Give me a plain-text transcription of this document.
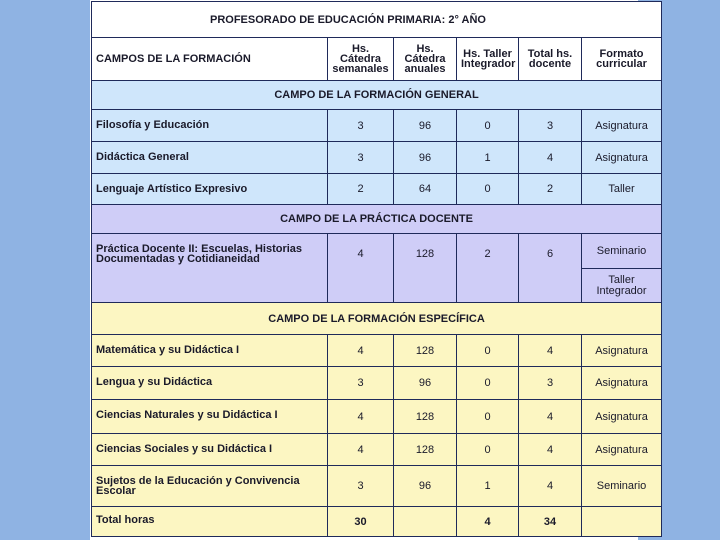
PROFESORADO DE EDUCACIÓN PRIMARIA: 2° AÑO					
CAMPOS DE LA FORMACIÓN	Hs. Cátedra semanales	Hs. Cátedra anuales	Hs. Taller Integrador	Total hs. docente	Formato curricular
CAMPO DE LA FORMACIÓN GENERAL					
Filosofía y Educación	3	96	0	3	Asignatura
Didáctica General	3	96	1	4	Asignatura
Lenguaje Artístico Expresivo	2	64	0	2	Taller
CAMPO DE LA PRÁCTICA DOCENTE					
Práctica Docente II: Escuelas, Historias Documentadas y Cotidianeidad	4	128	2	6	Seminario
					Taller Integrador
CAMPO DE LA FORMACIÓN ESPECÍFICA					
Matemática y su Didáctica I	4	128	0	4	Asignatura
Lengua y su Didáctica	3	96	0	3	Asignatura
Ciencias Naturales y su Didáctica I	4	128	0	4	Asignatura
Ciencias Sociales y su Didáctica I	4	128	0	4	Asignatura
Sujetos de la Educación y Convivencia Escolar	3	96	1	4	Seminario
Total horas	30		4	34	
